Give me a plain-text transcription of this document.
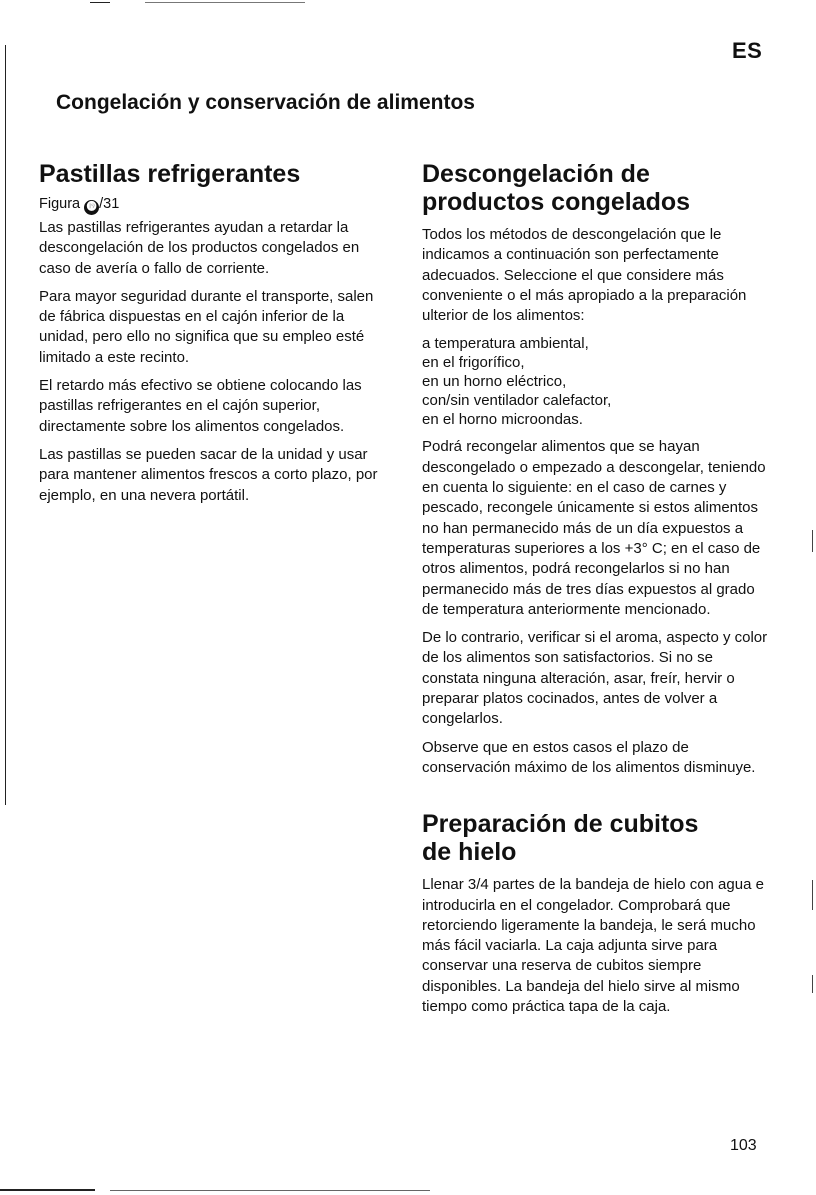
ES
Congelación y conservación de alimentos
Pastillas refrigerantes
Figura ⓳ /31

Las pastillas refrigerantes ayudan a retardar la descongelación de los productos congelados en caso de avería o fallo de corriente.

Para mayor seguridad durante el transporte, salen de fábrica dispuestas en el cajón inferior de la unidad, pero ello no significa que su empleo esté limitado a este recinto.

El retardo más efectivo se obtiene colocando las pastillas refrigerantes en el cajón superior, directamente sobre los alimentos congelados.

Las pastillas se pueden sacar de la unidad y usar para mantener alimentos frescos a corto plazo, por ejemplo, en una nevera portátil.

Descongelación de
productos congelados

Todos los métodos de descongelación que le indicamos a continuación son perfectamente adecuados. Seleccione el que considere más conveniente o el más apropiado a la preparación ulterior de los alimentos:

a temperatura ambiental,
en el frigorífico,
en un horno eléctrico,
con/sin ventilador calefactor,
en el horno microondas.

Podrá recongelar alimentos que se hayan descongelado o empezado a descongelar, teniendo en cuenta lo siguiente: en el caso de carnes y pescado, recongele únicamente si estos alimentos no han permanecido más de un día expuestos a temperaturas superiores a los +3° C; en el caso de otros alimentos, podrá recongelarlos si no han permanecido más de tres días expuestos al grado de temperatura anteriormente mencionado.

De lo contrario, verificar si el aroma, aspecto y color de los alimentos son satisfactorios. Si no se constata ninguna alteración, asar, freír, hervir o preparar platos cocinados, antes de volver a congelarlos.

Observe que en estos casos el plazo de conservación máximo de los alimentos disminuye.

Preparación de cubitos
de hielo

Llenar 3/4 partes de la bandeja de hielo con agua e introducirla en el congelador. Comprobará que retorciendo ligeramente la bandeja, le será mucho más fácil vaciarla. La caja adjunta sirve para conservar una reserva de cubitos siempre disponibles. La bandeja del hielo sirve al mismo tiempo como práctica tapa de la caja.

103
